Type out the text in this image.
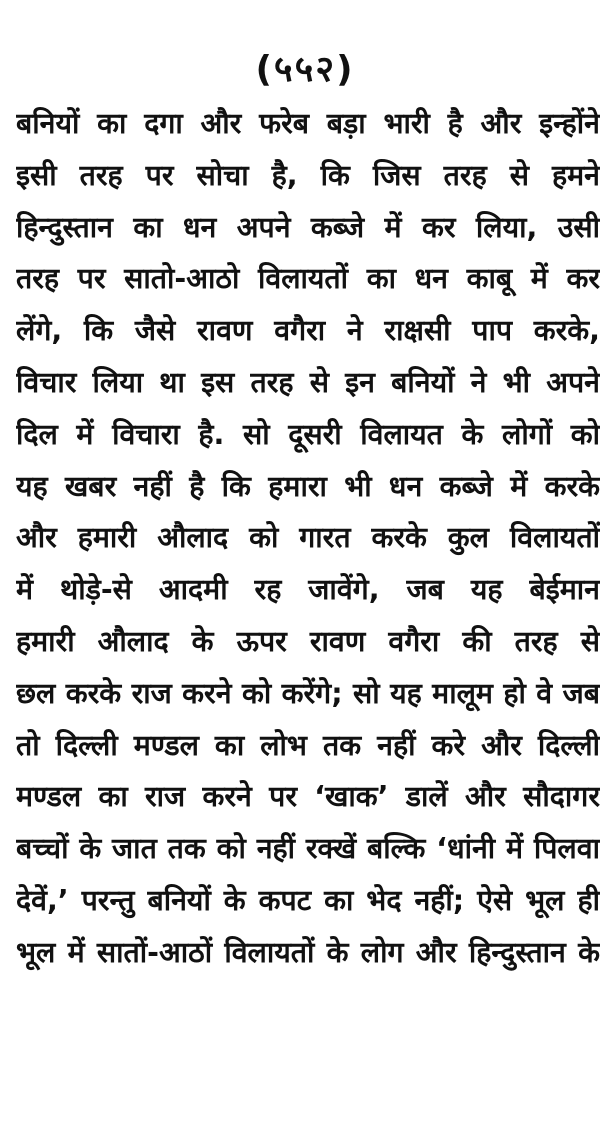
(५५२)
बनियों का दगा और फरेब बड़ा भारी है और इन्होंने
इसी तरह पर सोचा है, कि जिस तरह से हमने
हिन्दुस्तान का धन अपने कब्जे में कर लिया, उसी
तरह पर सातो-आठो विलायतों का धन काबू में कर
लेंगे, कि जैसे रावण वगैरा ने राक्षसी पाप करके,
विचार लिया था इस तरह से इन बनियों ने भी अपने
दिल में विचारा है. सो दूसरी विलायत के लोगों को
यह खबर नहीं है कि हमारा भी धन कब्जे में करके
और हमारी औलाद को गारत करके कुल विलायतों
में थोड़े-से आदमी रह जावेंगे, जब यह बेईमान
हमारी औलाद के ऊपर रावण वगैरा की तरह से
छल करके राज करने को करेंगे; सो यह मालूम हो वे जब
तो दिल्ली मण्डल का लोभ तक नहीं करे और दिल्ली
मण्डल का राज करने पर ‘खाक’ डालें और सौदागर
बच्चों के जात तक को नहीं रक्खें बल्कि ‘धांनी में पिलवा
देवें,’ परन्तु बनियों के कपट का भेद नहीं; ऐसे भूल ही
भूल में सातों-आठों विलायतों के लोग और हिन्दुस्तान के
